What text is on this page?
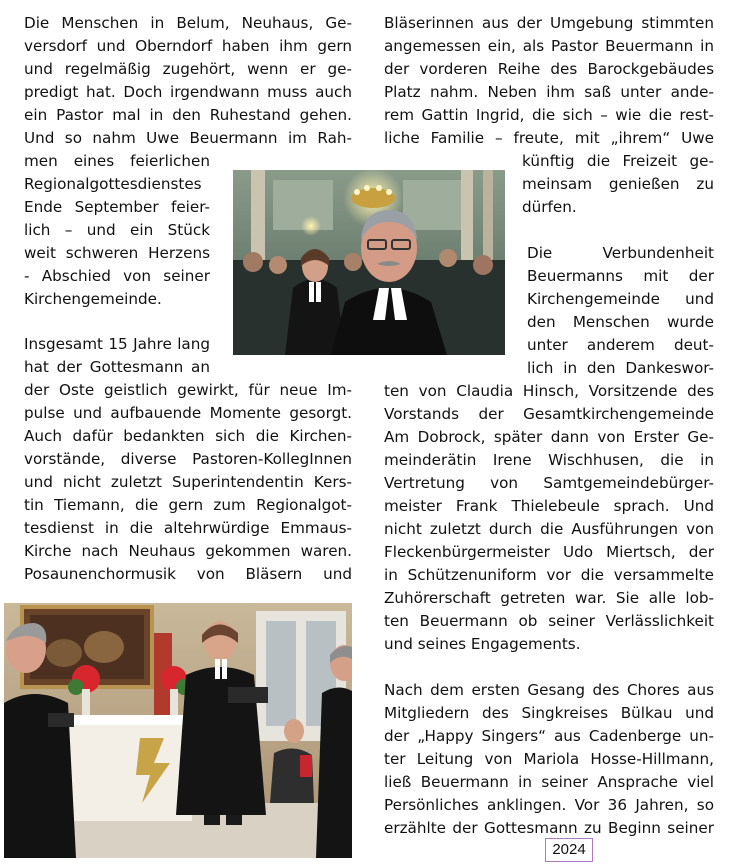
Die Menschen in Belum, Neuhaus, Ge-
versdorf und Oberndorf haben ihm gern
und regelmäßig zugehört, wenn er ge-
predigt hat. Doch irgendwann muss auch
ein Pastor mal in den Ruhestand gehen.
Und so nahm Uwe Beuermann im Rah-
men eines feierlichen
Regionalgottesdienstes
Ende September feier-
lich – und ein Stück
weit schweren Herzens
- Abschied von seiner
Kirchengemeinde.
Insgesamt 15 Jahre lang
hat der Gottesmann an
der Oste geistlich gewirkt, für neue Im-
pulse und aufbauende Momente gesorgt.
Auch dafür bedankten sich die Kirchen-
vorstände, diverse Pastoren-KollegInnen
und nicht zuletzt Superintendentin Kers-
tin Tiemann, die gern zum Regionalgot-
tesdienst in die altehrwürdige Emmaus-
Kirche nach Neuhaus gekommen waren.
Posaunenchormusik von Bläsern und
Bläserinnen aus der Umgebung stimmten
angemessen ein, als Pastor Beuermann in
der vorderen Reihe des Barockgebäudes
Platz nahm. Neben ihm saß unter ande-
rem Gattin Ingrid, die sich – wie die rest-
liche Familie – freute, mit „ihrem“ Uwe
künftig die Freizeit ge-
meinsam genießen zu
dürfen.
Die Verbundenheit
Beuermanns mit der
Kirchengemeinde und
den Menschen wurde
unter anderem deut-
lich in den Dankeswor-
ten von Claudia Hinsch, Vorsitzende des
Vorstands der Gesamtkirchengemeinde
Am Dobrock, später dann von Erster Ge-
meinderätin Irene Wischhusen, die in
Vertretung von Samtgemeindebürger-
meister Frank Thielebeule sprach. Und
nicht zuletzt durch die Ausführungen von
Fleckenbürgermeister Udo Miertsch, der
in Schützenuniform vor die versammelte
Zuhörerschaft getreten war. Sie alle lob-
ten Beuermann ob seiner Verlässlichkeit
und seines Engagements.
Nach dem ersten Gesang des Chores aus
Mitgliedern des Singkreises Bülkau und
der „Happy Singers“ aus Cadenberge un-
ter Leitung von Mariola Hosse-Hillmann,
ließ Beuermann in seiner Ansprache viel
Persönliches anklingen. Vor 36 Jahren, so
erzählte der Gottesmann zu Beginn seiner
2024
